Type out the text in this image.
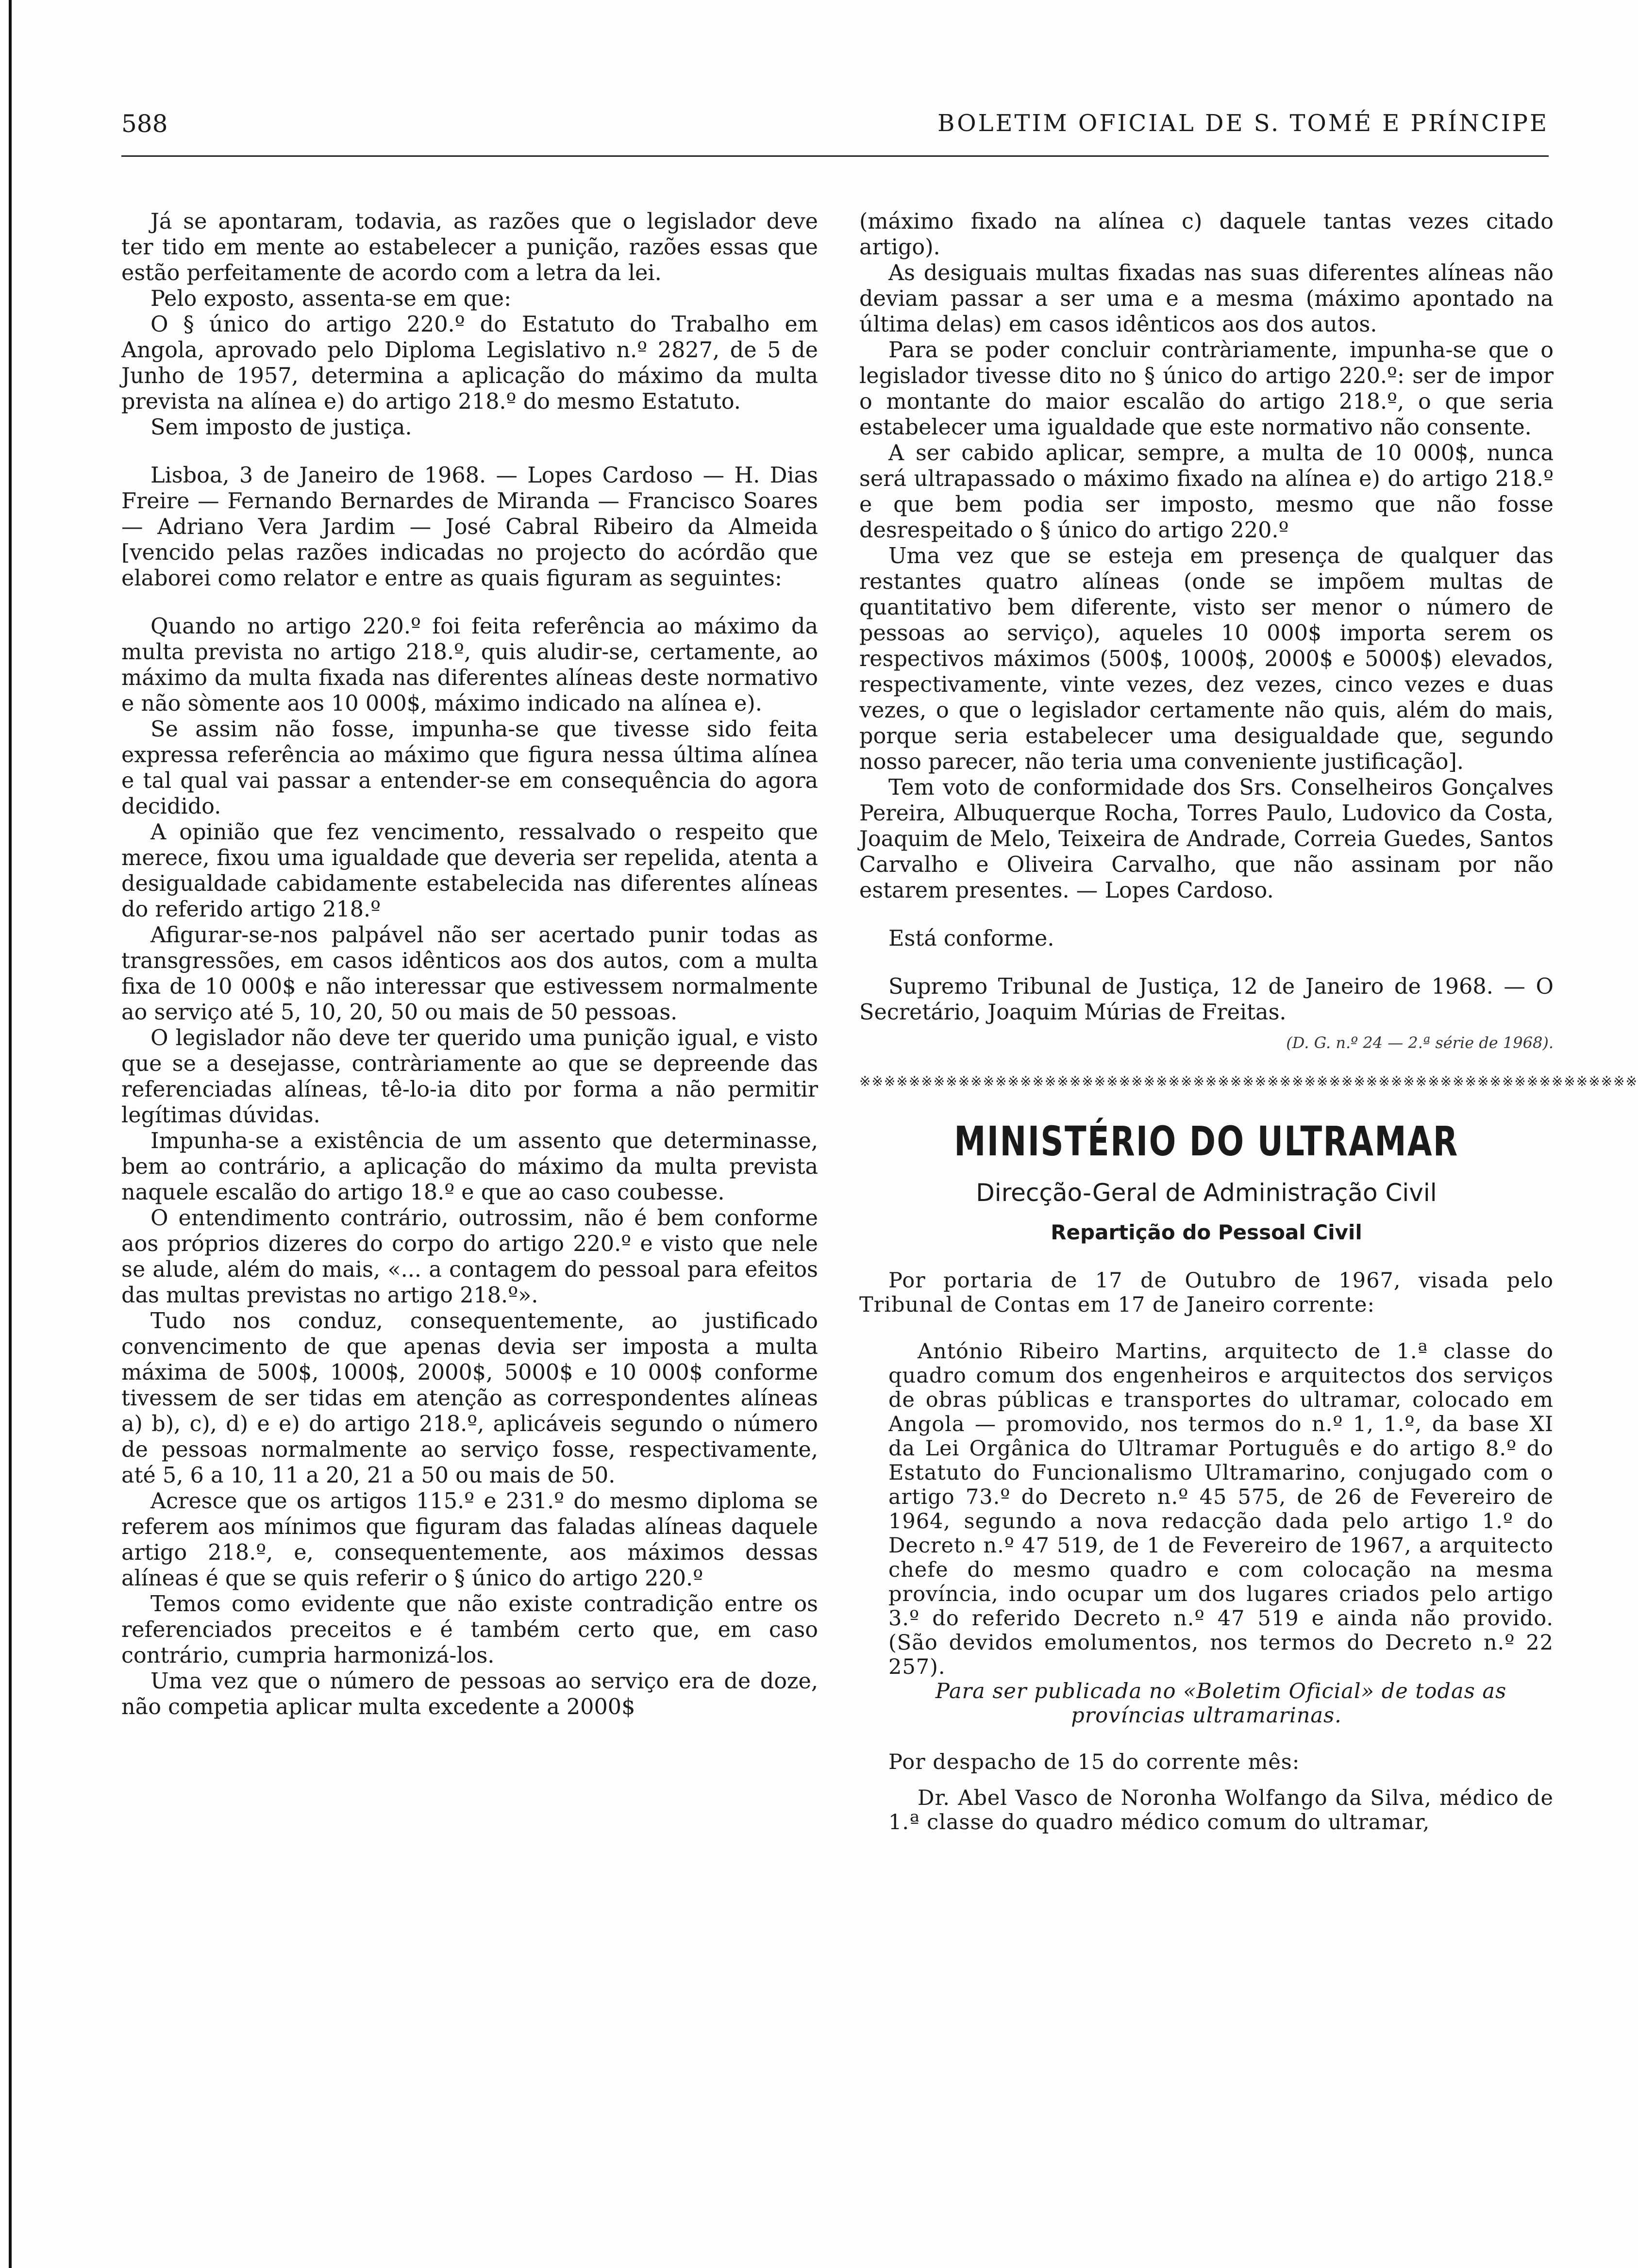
588	BOLETIM OFICIAL DE S. TOMÉ E PRÍNCIPE

Já se apontaram, todavia, as razões que o legislador deve ter tido em mente ao estabelecer a punição, razões essas que estão perfeitamente de acordo com a letra da lei.

Pelo exposto, assenta-se em que:

O § único do artigo 220.º do Estatuto do Trabalho em Angola, aprovado pelo Diploma Legislativo n.º 2827, de 5 de Junho de 1957, determina a aplicação do máximo da multa prevista na alínea e) do artigo 218.º do mesmo Estatuto.

Sem imposto de justiça.

Lisboa, 3 de Janeiro de 1968. — Lopes Cardoso — H. Dias Freire — Fernando Bernardes de Miranda — Francisco Soares — Adriano Vera Jardim — José Cabral Ribeiro da Almeida [vencido pelas razões indicadas no projecto do acórdão que elaborei como relator e entre as quais figuram as seguintes:

Quando no artigo 220.º foi feita referência ao máximo da multa prevista no artigo 218.º, quis aludir-se, certamente, ao máximo da multa fixada nas diferentes alíneas deste normativo e não sòmente aos 10 000$, máximo indicado na alínea e).

Se assim não fosse, impunha-se que tivesse sido feita expressa referência ao máximo que figura nessa última alínea e tal qual vai passar a entender-se em consequência do agora decidido.

A opinião que fez vencimento, ressalvado o respeito que merece, fixou uma igualdade que deveria ser repelida, atenta a desigualdade cabidamente estabelecida nas diferentes alíneas do referido artigo 218.º

Afigurar-se-nos palpável não ser acertado punir todas as transgressões, em casos idênticos aos dos autos, com a multa fixa de 10 000$ e não interessar que estivessem normalmente ao serviço até 5, 10, 20, 50 ou mais de 50 pessoas.

O legislador não deve ter querido uma punição igual, e visto que se a desejasse, contràriamente ao que se depreende das referenciadas alíneas, tê-lo-ia dito por forma a não permitir legítimas dúvidas.

Impunha-se a existência de um assento que determinasse, bem ao contrário, a aplicação do máximo da multa prevista naquele escalão do artigo 18.º e que ao caso coubesse.

O entendimento contrário, outrossim, não é bem conforme aos próprios dizeres do corpo do artigo 220.º e visto que nele se alude, além do mais, «... a contagem do pessoal para efeitos das multas previstas no artigo 218.º».

Tudo nos conduz, consequentemente, ao justificado convencimento de que apenas devia ser imposta a multa máxima de 500$, 1000$, 2000$, 5000$ e 10 000$ conforme tivessem de ser tidas em atenção as correspondentes alíneas a) b), c), d) e e) do artigo 218.º, aplicáveis segundo o número de pessoas normalmente ao serviço fosse, respectivamente, até 5, 6 a 10, 11 a 20, 21 a 50 ou mais de 50.

Acresce que os artigos 115.º e 231.º do mesmo diploma se referem aos mínimos que figuram das faladas alíneas daquele artigo 218.º, e, consequentemente, aos máximos dessas alíneas é que se quis referir o § único do artigo 220.º

Temos como evidente que não existe contradição entre os referenciados preceitos e é também certo que, em caso contrário, cumpria harmonizá-los.

Uma vez que o número de pessoas ao serviço era de doze, não competia aplicar multa excedente a 2000$

(máximo fixado na alínea c) daquele tantas vezes citado artigo).

As desiguais multas fixadas nas suas diferentes alíneas não deviam passar a ser uma e a mesma (máximo apontado na última delas) em casos idênticos aos dos autos.

Para se poder concluir contràriamente, impunha-se que o legislador tivesse dito no § único do artigo 220.º: ser de impor o montante do maior escalão do artigo 218.º, o que seria estabelecer uma igualdade que este normativo não consente.

A ser cabido aplicar, sempre, a multa de 10 000$, nunca será ultrapassado o máximo fixado na alínea e) do artigo 218.º e que bem podia ser imposto, mesmo que não fosse desrespeitado o § único do artigo 220.º

Uma vez que se esteja em presença de qualquer das restantes quatro alíneas (onde se impõem multas de quantitativo bem diferente, visto ser menor o número de pessoas ao serviço), aqueles 10 000$ importa serem os respectivos máximos (500$, 1000$, 2000$ e 5000$) elevados, respectivamente, vinte vezes, dez vezes, cinco vezes e duas vezes, o que o legislador certamente não quis, além do mais, porque seria estabelecer uma desigualdade que, segundo nosso parecer, não teria uma conveniente justificação].

Tem voto de conformidade dos Srs. Conselheiros Gonçalves Pereira, Albuquerque Rocha, Torres Paulo, Ludovico da Costa, Joaquim de Melo, Teixeira de Andrade, Correia Guedes, Santos Carvalho e Oliveira Carvalho, que não assinam por não estarem presentes. — Lopes Cardoso.

Está conforme.

Supremo Tribunal de Justiça, 12 de Janeiro de 1968. — O Secretário, Joaquim Múrias de Freitas.

(D. G. n.º 24 — 2.ª série de 1968).
※※※※※※※※※※※※※※※※※※※※※※※※※※※※※※※※※※※※※※※※※※※※※※※※※※※※※※※※※※※※※※※
MINISTÉRIO DO ULTRAMAR
Direcção-Geral de Administração Civil
Repartição do Pessoal Civil

Por portaria de 17 de Outubro de 1967, visada pelo Tribunal de Contas em 17 de Janeiro corrente:

António Ribeiro Martins, arquitecto de 1.ª classe do quadro comum dos engenheiros e arquitectos dos serviços de obras públicas e transportes do ultramar, colocado em Angola — promovido, nos termos do n.º 1, 1.º, da base XI da Lei Orgânica do Ultramar Português e do artigo 8.º do Estatuto do Funcionalismo Ultramarino, conjugado com o artigo 73.º do Decreto n.º 45 575, de 26 de Fevereiro de 1964, segundo a nova redacção dada pelo artigo 1.º do Decreto n.º 47 519, de 1 de Fevereiro de 1967, a arquitecto chefe do mesmo quadro e com colocação na mesma província, indo ocupar um dos lugares criados pelo artigo 3.º do referido Decreto n.º 47 519 e ainda não provido. (São devidos emolumentos, nos termos do Decreto n.º 22 257).

Para ser publicada no «Boletim Oficial» de todas as províncias ultramarinas.

Por despacho de 15 do corrente mês:

Dr. Abel Vasco de Noronha Wolfango da Silva, médico de 1.ª classe do quadro médico comum do ultramar,
